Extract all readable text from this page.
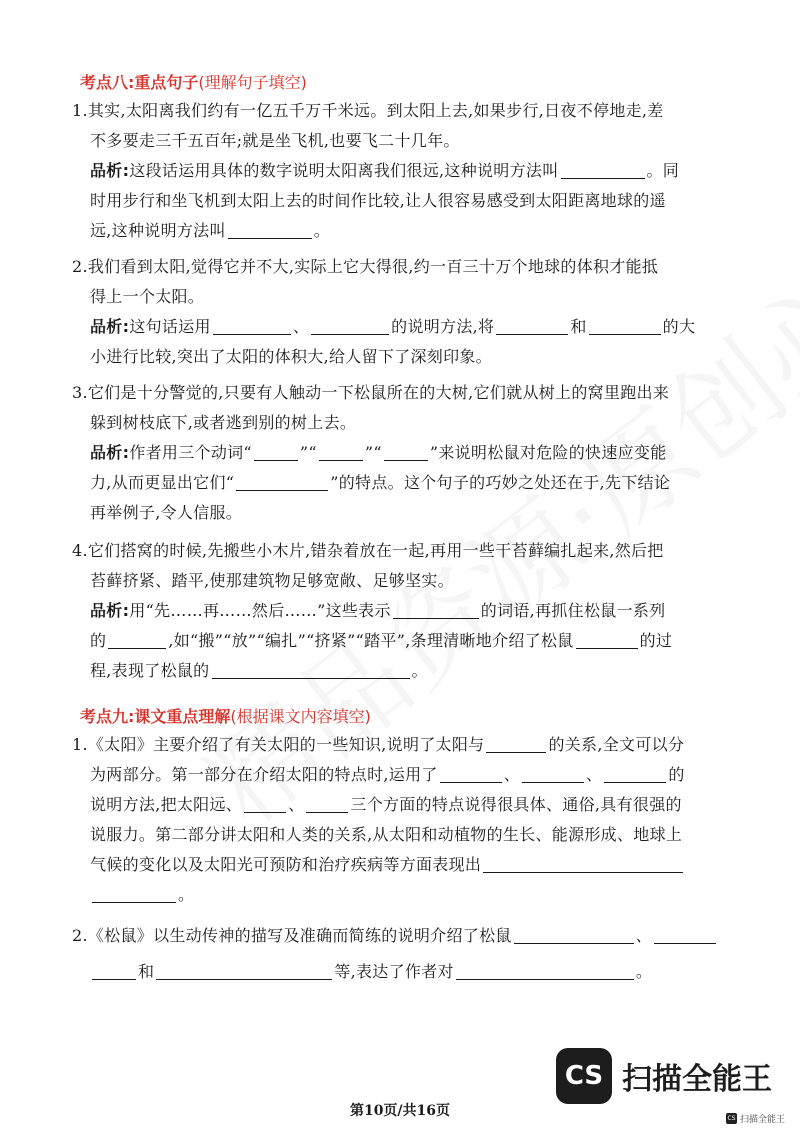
考点八:重点句子(理解句子填空)
1.其实,太阳离我们约有一亿五千万千米远。到太阳上去,如果步行,日夜不停地走,差
不多要走三千五百年;就是坐飞机,也要飞二十几年。
品析:这段话运用具体的数字说明太阳离我们很远,这种说明方法叫	。同
时用步行和坐飞机到太阳上去的时间作比较,让人很容易感受到太阳距离地球的遥
远,这种说明方法叫	。
2.我们看到太阳,觉得它并不大,实际上它大得很,约一百三十万个地球的体积才能抵
得上一个太阳。
品析:这句话运用	、	的说明方法,将	和	的大
小进行比较,突出了太阳的体积大,给人留下了深刻印象。
3.它们是十分警觉的,只要有人触动一下松鼠所在的大树,它们就从树上的窝里跑出来
躲到树枝底下,或者逃到别的树上去。
品析:作者用三个动词“	”“	”“	”来说明松鼠对危险的快速应变能
力,从而更显出它们“	”的特点。这个句子的巧妙之处还在于,先下结论
再举例子,令人信服。
4.它们搭窝的时候,先搬些小木片,错杂着放在一起,再用一些干苔藓编扎起来,然后把
苔藓挤紧、踏平,使那建筑物足够宽敞、足够坚实。
品析:用“先……再……然后……”这些表示	的词语,再抓住松鼠一系列
的	,如“搬”“放”“编扎”“挤紧”“踏平”,条理清晰地介绍了松鼠	的过
程,表现了松鼠的	。
考点九:课文重点理解(根据课文内容填空)
1.《太阳》主要介绍了有关太阳的一些知识,说明了太阳与	的关系,全文可以分
为两部分。第一部分在介绍太阳的特点时,运用了	、	、	的
说明方法,把太阳远、	、	三个方面的特点说得很具体、通俗,具有很强的
说服力。第二部分讲太阳和人类的关系,从太阳和动植物的生长、能源形成、地球上
气候的变化以及太阳光可预防和治疗疾病等方面表现出
。
2.《松鼠》以生动传神的描写及准确而简练的说明介绍了松鼠	、
和	等,表达了作者对	。
CS 扫描全能王
第10页/共16页	CS 扫描全能王
